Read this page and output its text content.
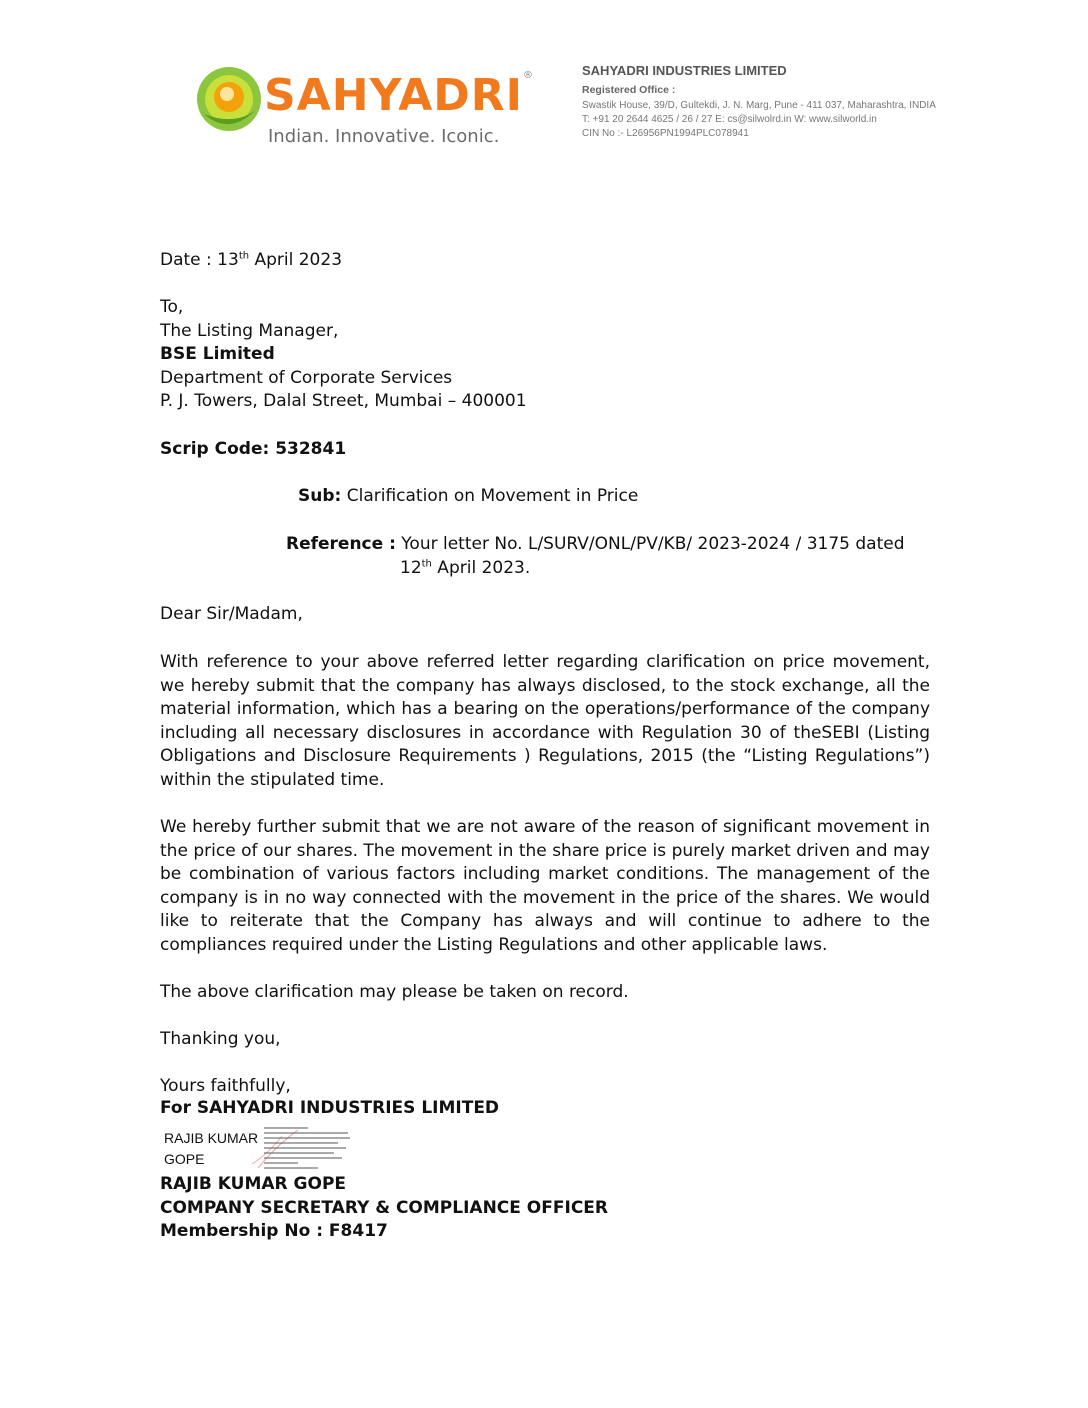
SAHYADRI®
Indian. Innovative. Iconic.
SAHYADRI INDUSTRIES LIMITED
Registered Office :
Swastik House, 39/D, Gultekdi, J. N. Marg, Pune - 411 037, Maharashtra, INDIA
T: +91 20 2644 4625 / 26 / 27 E: cs@silwolrd.in W: www.silworld.in
CIN No :- L26956PN1994PLC078941

Date : 13th April 2023

To,

The Listing Manager,

BSE Limited

Department of Corporate Services

P. J. Towers, Dalal Street, Mumbai – 400001

Scrip Code: 532841
Sub: Clarification on Movement in Price

Reference : Your letter No. L/SURV/ONL/PV/KB/ 2023-2024 / 3175 dated

12th April 2023.

Dear Sir/Madam,
With reference to your above referred letter regarding clarification on price movement, we hereby submit that the company has always disclosed, to the stock exchange, all the material information, which has a bearing on the operations/performance of the company including all necessary disclosures in accordance with Regulation 30 of theSEBI (Listing Obligations and Disclosure Requirements ) Regulations, 2015 (the “Listing Regulations”) within the stipulated time.
We hereby further submit that we are not aware of the reason of significant movement in the price of our shares. The movement in the share price is purely market driven and may be combination of various factors including market conditions. The management of the company is in no way connected with the movement in the price of the shares. We would like to reiterate that the Company has always and will continue to adhere to the compliances required under the Listing Regulations and other applicable laws.
The above clarification may please be taken on record.
Thanking you,
Yours faithfully,
For SAHYADRI INDUSTRIES LIMITED
RAJIB KUMAR
GOPE

RAJIB KUMAR GOPE

COMPANY SECRETARY & COMPLIANCE OFFICER

Membership No : F8417
